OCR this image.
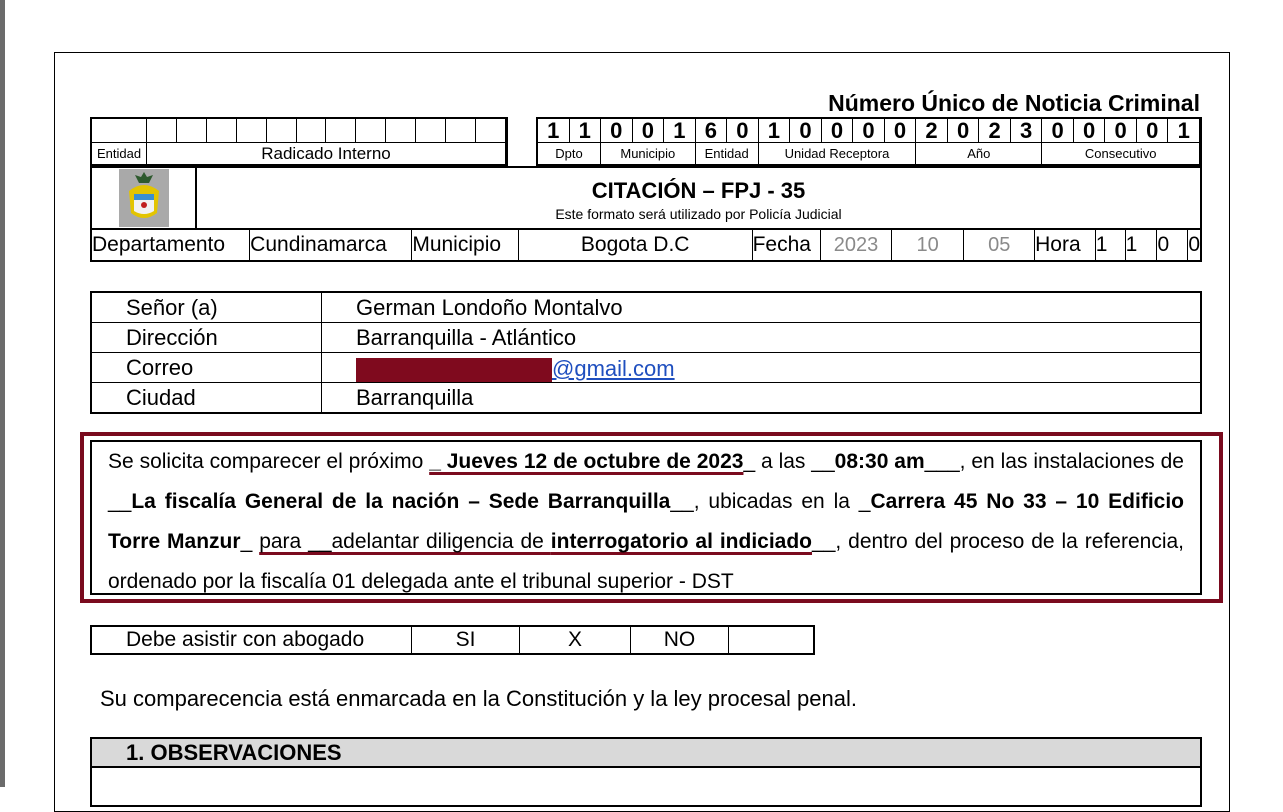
Número Único de Noticia Criminal
Entidad	Radicado Interno
1 1 0 0 1 6 0 1 0 0 0 0 2 0 2 3 0 0 0 0 1
Dpto	Municipio	Entidad	Unidad Receptora	Año	Consecutivo
CITACIÓN – FPJ - 35
Este formato será utilizado por Policía Judicial
Departamento	Cundinamarca	Municipio	Bogota D.C	Fecha	2023	10	05	Hora 1 1 0 0
Señor (a)	German Londoño Montalvo
Dirección	Barranquilla - Atlántico
Correo	@gmail.com
Ciudad	Barranquilla
Se solicita comparecer el próximo _ Jueves 12 de octubre de 2023_ a las __08:30 am___, en las instalaciones de __La fiscalía General de la nación – Sede Barranquilla__, ubicadas en la _Carrera 45 No 33 – 10 Edificio Torre Manzur_ para __adelantar diligencia de interrogatorio al indiciado__, dentro del proceso de la referencia, ordenado por la fiscalía 01 delegada ante el tribunal superior - DST
Debe asistir con abogado	SI	X	NO
Su comparecencia está enmarcada en la Constitución y la ley procesal penal.
1. OBSERVACIONES
